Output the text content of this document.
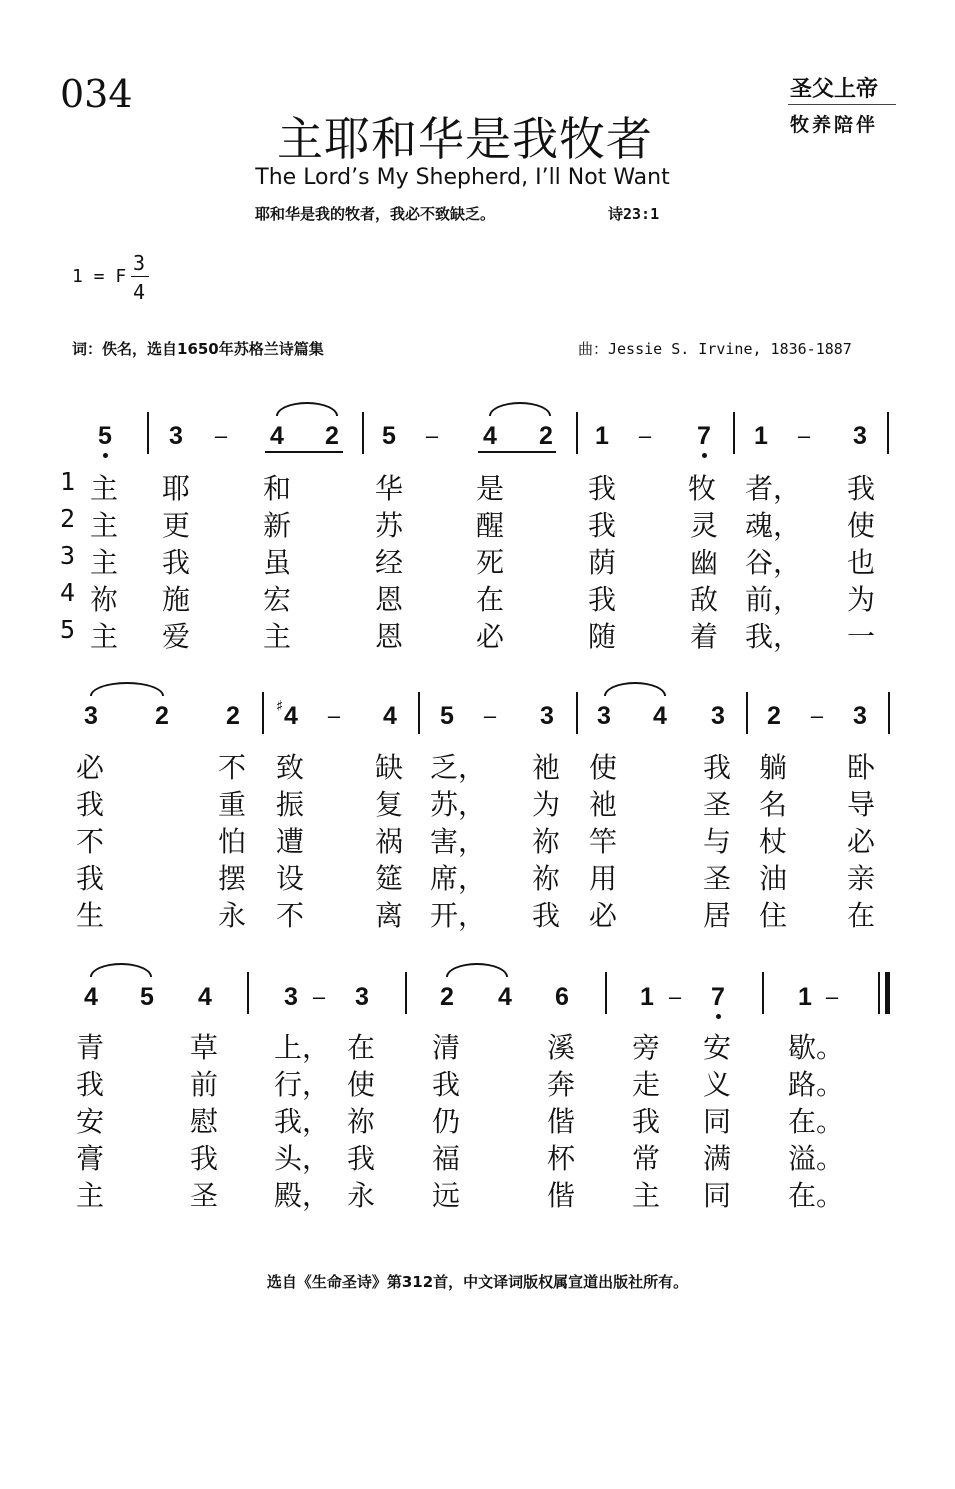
034	圣父上帝
牧养陪伴
主耶和华是我牧者
The Lord’s My Shepherd, I’ll Not Want
耶和华是我的牧者，我必不致缺乏。	诗23:1
1 = F
3
4
词：佚名，选自1650年苏格兰诗篇集	曲：Jessie S. Irvine, 1836-1887
5	3	–	4	2	5	–	4	2	1	–	7	1	–	3
1 主 耶	和	华	是	我	牧	者， 我
2 主 更	新	苏	醒	我	灵 魂， 使
3 主 我	虽	经	死	荫	幽 谷， 也
4 祢 施	宏	恩	在	我	敌 前， 为
5 主 爱	主	恩	必	随	着 我， 一
3	2	2	♯ 4	–	4	5	–	3	3	4	3	2	–	3
必	不 致	缺 乏， 祂 使	我 躺 卧
我	重 振	复 苏， 为 祂	圣 名 导
不	怕 遭	祸 害， 祢 竿	与 杖 必
我	摆 设	筵 席， 祢 用	圣 油 亲
生	永 不	离 开， 我 必	居 住 在
4	5	4	3 –	3	2	4	6	1 –	7	1 –
青	草 上， 在 清	溪 旁 安 歇。
我	前 行， 使 我	奔 走 义 路。
安	慰 我， 祢 仍	偕 我 同 在。
膏	我 头， 我 福	杯 常 满 溢。
主	圣 殿， 永 远	偕 主 同 在。
选自《生命圣诗》第312首，中文译词版权属宣道出版社所有。
